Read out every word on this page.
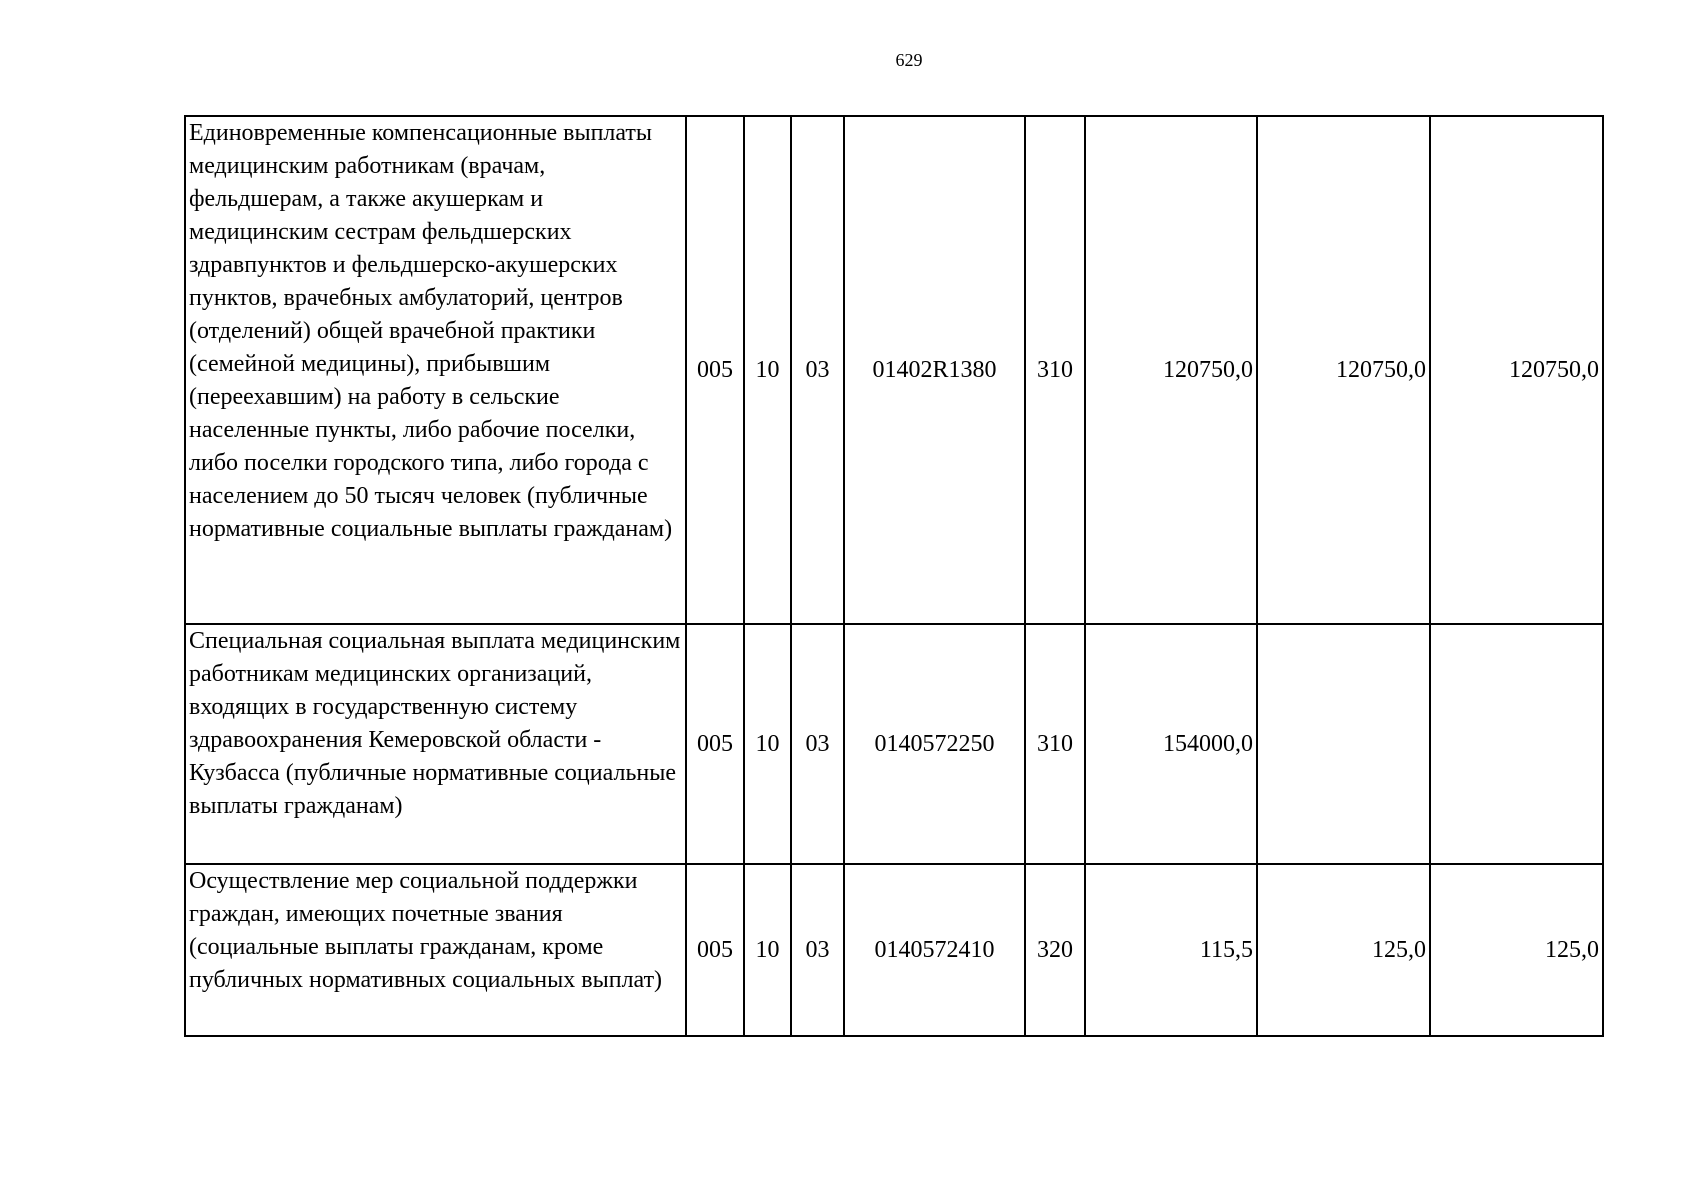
629
Единовременные компенсационные выплаты медицинским работникам (врачам, фельдшерам, а также акушеркам и медицинским сестрам фельдшерских здравпунктов и фельдшерско-акушерских пунктов, врачебных амбулаторий, центров (отделений) общей врачебной практики (семейной медицины), прибывшим (переехавшим) на работу в сельские населенные пункты, либо рабочие поселки, либо поселки городского типа, либо города с населением до 50 тысяч человек (публичные нормативные социальные выплаты гражданам)	005	10	03	01402R1380	310	120750,0	120750,0	120750,0
Специальная социальная выплата медицинским работникам медицинских организаций, входящих в государственную систему здравоохранения Кемеровской области - Кузбасса (публичные нормативные социальные выплаты гражданам)	005	10	03	0140572250	310	154000,0		
Осуществление мер социальной поддержки граждан, имеющих почетные звания (социальные выплаты гражданам, кроме публичных нормативных социальных выплат)	005	10	03	0140572410	320	115,5	125,0	125,0
